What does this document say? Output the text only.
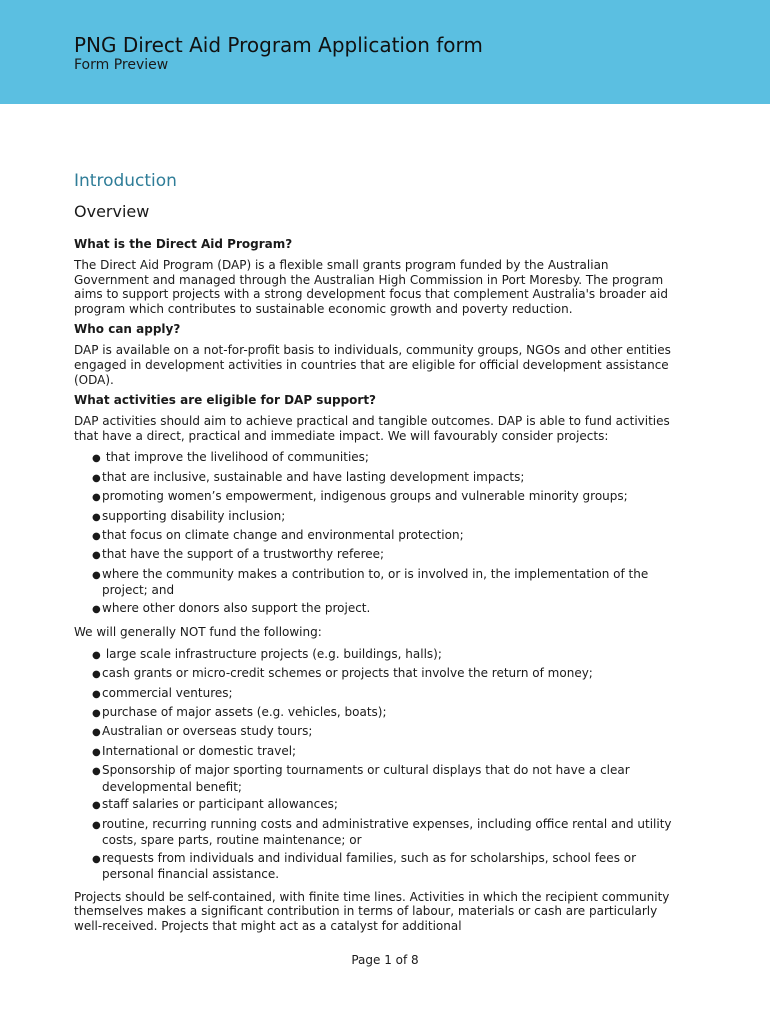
PNG Direct Aid Program Application form
Form Preview
Introduction
Overview
What is the Direct Aid Program?
The Direct Aid Program (DAP) is a flexible small grants program funded by the Australian Government and managed through the Australian High Commission in Port Moresby. The program aims to support projects with a strong development focus that complement Australia's broader aid program which contributes to sustainable economic growth and poverty reduction.
Who can apply?
DAP is available on a not-for-profit basis to individuals, community groups, NGOs and other entities engaged in development activities in countries that are eligible for official development assistance (ODA).
What activities are eligible for DAP support?
DAP activities should aim to achieve practical and tangible outcomes. DAP is able to fund activities that have a direct, practical and immediate impact. We will favourably consider projects:
● that improve the livelihood of communities;
●that are inclusive, sustainable and have lasting development impacts;
●promoting women’s empowerment, indigenous groups and vulnerable minority groups;
●supporting disability inclusion;
●that focus on climate change and environmental protection;
●that have the support of a trustworthy referee;
●where the community makes a contribution to, or is involved in, the implementation of the project; and
●where other donors also support the project.
We will generally NOT fund the following:
● large scale infrastructure projects (e.g. buildings, halls);
●cash grants or micro-credit schemes or projects that involve the return of money;
●commercial ventures;
●purchase of major assets (e.g. vehicles, boats);
●Australian or overseas study tours;
●International or domestic travel;
●Sponsorship of major sporting tournaments or cultural displays that do not have a clear developmental benefit;
●staff salaries or participant allowances;
●routine, recurring running costs and administrative expenses, including office rental and utility costs, spare parts, routine maintenance; or
●requests from individuals and individual families, such as for scholarships, school fees or personal financial assistance.
Projects should be self-contained, with finite time lines. Activities in which the recipient community themselves makes a significant contribution in terms of labour, materials or cash are particularly well-received. Projects that might act as a catalyst for additional
Page 1 of 8
